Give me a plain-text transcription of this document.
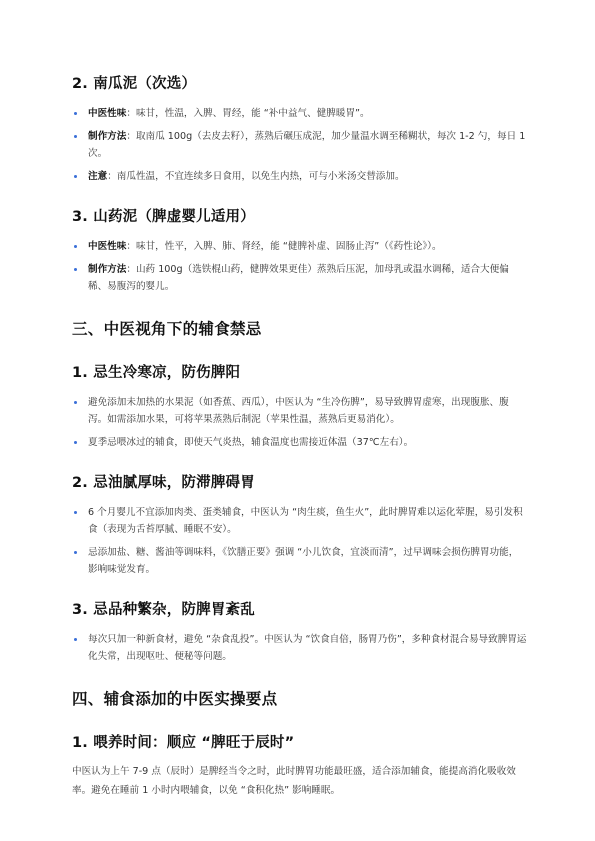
2. 南瓜泥（次选）
中医性味：味甘，性温，入脾、胃经，能 “补中益气、健脾暖胃”。
制作方法：取南瓜 100g（去皮去籽），蒸熟后碾压成泥，加少量温水调至稀糊状，每次 1-2 勺，每日 1 次。
注意：南瓜性温，不宜连续多日食用，以免生内热，可与小米汤交替添加。
3. 山药泥（脾虚婴儿适用）
中医性味：味甘，性平，入脾、肺、肾经，能 “健脾补虚、固肠止泻”（《药性论》）。
制作方法：山药 100g（选铁棍山药，健脾效果更佳）蒸熟后压泥，加母乳或温水调稀，适合大便偏稀、易腹泻的婴儿。
三、中医视角下的辅食禁忌
1. 忌生冷寒凉，防伤脾阳
避免添加未加热的水果泥（如香蕉、西瓜），中医认为 “生冷伤脾”，易导致脾胃虚寒，出现腹胀、腹泻。如需添加水果，可将苹果蒸熟后制泥（苹果性温，蒸熟后更易消化）。
夏季忌喂冰过的辅食，即使天气炎热，辅食温度也需接近体温（37℃左右）。
2. 忌油腻厚味，防滞脾碍胃
6 个月婴儿不宜添加肉类、蛋类辅食，中医认为 “肉生痰，鱼生火”，此时脾胃难以运化荤腥，易引发积食（表现为舌苔厚腻、睡眠不安）。
忌添加盐、糖、酱油等调味料，《饮膳正要》强调 “小儿饮食，宜淡而清”，过早调味会损伤脾胃功能，影响味觉发育。
3. 忌品种繁杂，防脾胃紊乱
每次只加一种新食材，避免 “杂食乱投”。中医认为 “饮食自倍，肠胃乃伤”，多种食材混合易导致脾胃运化失常，出现呕吐、便秘等问题。
四、辅食添加的中医实操要点
1. 喂养时间：顺应 “脾旺于辰时”

中医认为上午 7-9 点（辰时）是脾经当令之时，此时脾胃功能最旺盛，适合添加辅食，能提高消化吸收效率。避免在睡前 1 小时内喂辅食，以免 “食积化热” 影响睡眠。
